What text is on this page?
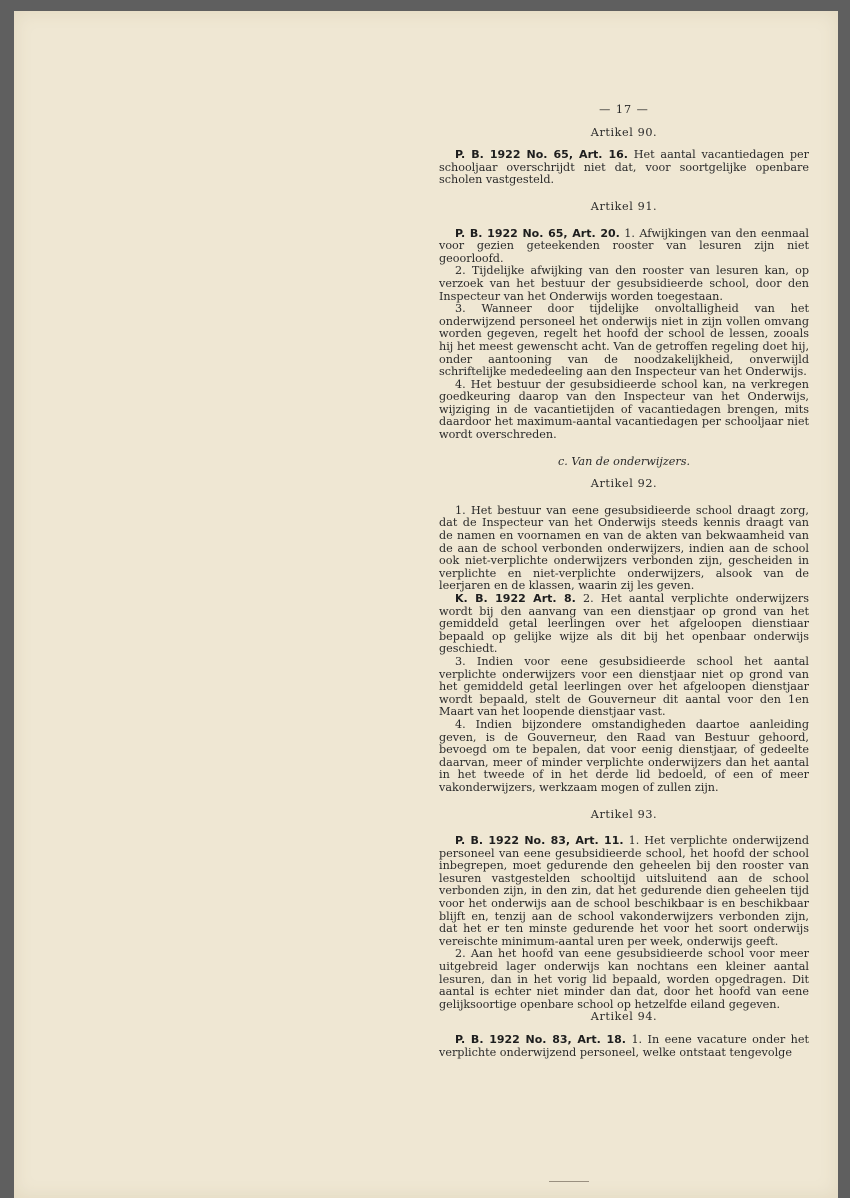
— 17 —
Artikel 90.

P. B. 1922 No. 65, Art. 16. Het aantal vacantiedagen per schooljaar overschrijdt niet dat, voor soortgelijke openbare scholen vastgesteld.

Artikel 91.

P. B. 1922 No. 65, Art. 20. 1. Afwijkingen van den eenmaal voor gezien geteekenden rooster van lesuren zijn niet geoorloofd.

2. Tijdelijke afwijking van den rooster van lesuren kan, op verzoek van het bestuur der gesubsidieerde school, door den Inspecteur van het Onderwijs worden toegestaan.

3. Wanneer door tijdelijke onvoltalligheid van het onderwijzend personeel het onderwijs niet in zijn vollen omvang worden gegeven, regelt het hoofd der school de lessen, zooals hij het meest gewenscht acht. Van de getroffen regeling doet hij, onder aantooning van de noodzakelijkheid, onverwijld schriftelijke mededeeling aan den Inspecteur van het Onderwijs.

4. Het bestuur der gesubsidieerde school kan, na verkregen goedkeuring daarop van den Inspecteur van het Onderwijs, wijziging in de vacantietijden of vacantiedagen brengen, mits daardoor het maximum-aantal vacantiedagen per schooljaar niet wordt overschreden.

c. Van de onderwijzers.
Artikel 92.

1. Het bestuur van eene gesubsidieerde school draagt zorg, dat de Inspecteur van het Onderwijs steeds kennis draagt van de namen en voornamen en van de akten van bekwaamheid van de aan de school verbonden onderwijzers, indien aan de school ook niet-verplichte onderwijzers verbonden zijn, gescheiden in verplichte en niet-verplichte onderwijzers, alsook van de leerjaren en de klassen, waarin zij les geven.

K. B. 1922 Art. 8. 2. Het aantal verplichte onderwijzers wordt bij den aanvang van een dienstjaar op grond van het gemiddeld getal leerlingen over het afgeloopen dienstiaar bepaald op gelijke wijze als dit bij het openbaar onderwijs geschiedt.

3. Indien voor eene gesubsidieerde school het aantal verplichte onderwijzers voor een dienstjaar niet op grond van het gemiddeld getal leerlingen over het afgeloopen dienstjaar wordt bepaald, stelt de Gouverneur dit aantal voor den 1en Maart van het loopende dienstjaar vast.

4. Indien bijzondere omstandigheden daartoe aanleiding geven, is de Gouverneur, den Raad van Bestuur gehoord, bevoegd om te bepalen, dat voor eenig dienstjaar, of gedeelte daarvan, meer of minder verplichte onderwijzers dan het aantal in het tweede of in het derde lid bedoeld, of een of meer vakonderwijzers, werkzaam mogen of zullen zijn.

Artikel 93.

P. B. 1922 No. 83, Art. 11. 1. Het verplichte onderwijzend personeel van eene gesubsidieerde school, het hoofd der school inbegrepen, moet gedurende den geheelen bij den rooster van lesuren vastgestelden schooltijd uitsluitend aan de school verbonden zijn, in den zin, dat het gedurende dien geheelen tijd voor het onderwijs aan de school beschikbaar is en beschikbaar blijft en, tenzij aan de school vakonderwijzers verbonden zijn, dat het er ten minste gedurende het voor het soort onderwijs vereischte minimum-aantal uren per week, onderwijs geeft.

2. Aan het hoofd van eene gesubsidieerde school voor meer uitgebreid lager onderwijs kan nochtans een kleiner aantal lesuren, dan in het vorig lid bepaald, worden opgedragen. Dit aantal is echter niet minder dan dat, door het hoofd van eene gelijksoortige openbare school op hetzelfde eiland gegeven.

Artikel 94.

P. B. 1922 No. 83, Art. 18. 1. In eene vacature onder het verplichte onderwijzend personeel, welke ontstaat tengevolge
